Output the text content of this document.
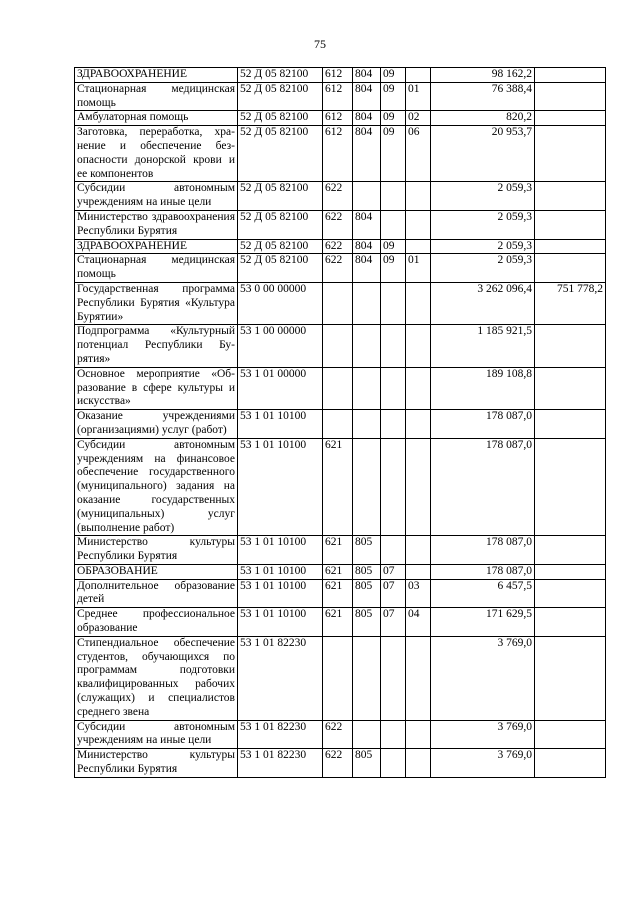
75
ЗДРАВООХРАНЕНИЕ	52 Д 05 82100	612	804	09		98 162,2	
Стационарная медицинская помощь	52 Д 05 82100	612	804	09	01	76 388,4	
Амбулаторная помощь	52 Д 05 82100	612	804	09	02	820,2	
Заготовка, переработка, хранение и обеспечение безопасности донорской крови и ее компонентов	52 Д 05 82100	612	804	09	06	20 953,7	
Субсидии автономным учреждениям на иные цели	52 Д 05 82100	622				2 059,3	
Министерство здравоохранения Республики Бурятия	52 Д 05 82100	622	804			2 059,3	
ЗДРАВООХРАНЕНИЕ	52 Д 05 82100	622	804	09		2 059,3	
Стационарная медицинская помощь	52 Д 05 82100	622	804	09	01	2 059,3	
Государственная программа Республики Бурятия «Культура Бурятии»	53 0 00 00000					3 262 096,4	751 778,2
Подпрограмма «Культурный потенциал Республики Бурятия»	53 1 00 00000					1 185 921,5	
Основное мероприятие «Образование в сфере культуры и искусства»	53 1 01 00000					189 108,8	
Оказание учреждениями (организациями) услуг (работ)	53 1 01 10100					178 087,0	
Субсидии автономным учреждениям на финансовое обеспечение государственного (муниципального) задания на оказание государственных (муниципальных) услуг (выполнение работ)	53 1 01 10100	621				178 087,0	
Министерство культуры Республики Бурятия	53 1 01 10100	621	805			178 087,0	
ОБРАЗОВАНИЕ	53 1 01 10100	621	805	07		178 087,0	
Дополнительное образование детей	53 1 01 10100	621	805	07	03	6 457,5	
Среднее профессиональное образование	53 1 01 10100	621	805	07	04	171 629,5	
Стипендиальное обеспечение студентов, обучающихся по программам подготовки квалифицированных рабочих (служащих) и специалистов среднего звена	53 1 01 82230					3 769,0	
Субсидии автономным учреждениям на иные цели	53 1 01 82230	622				3 769,0	
Министерство культуры Республики Бурятия	53 1 01 82230	622	805			3 769,0	
